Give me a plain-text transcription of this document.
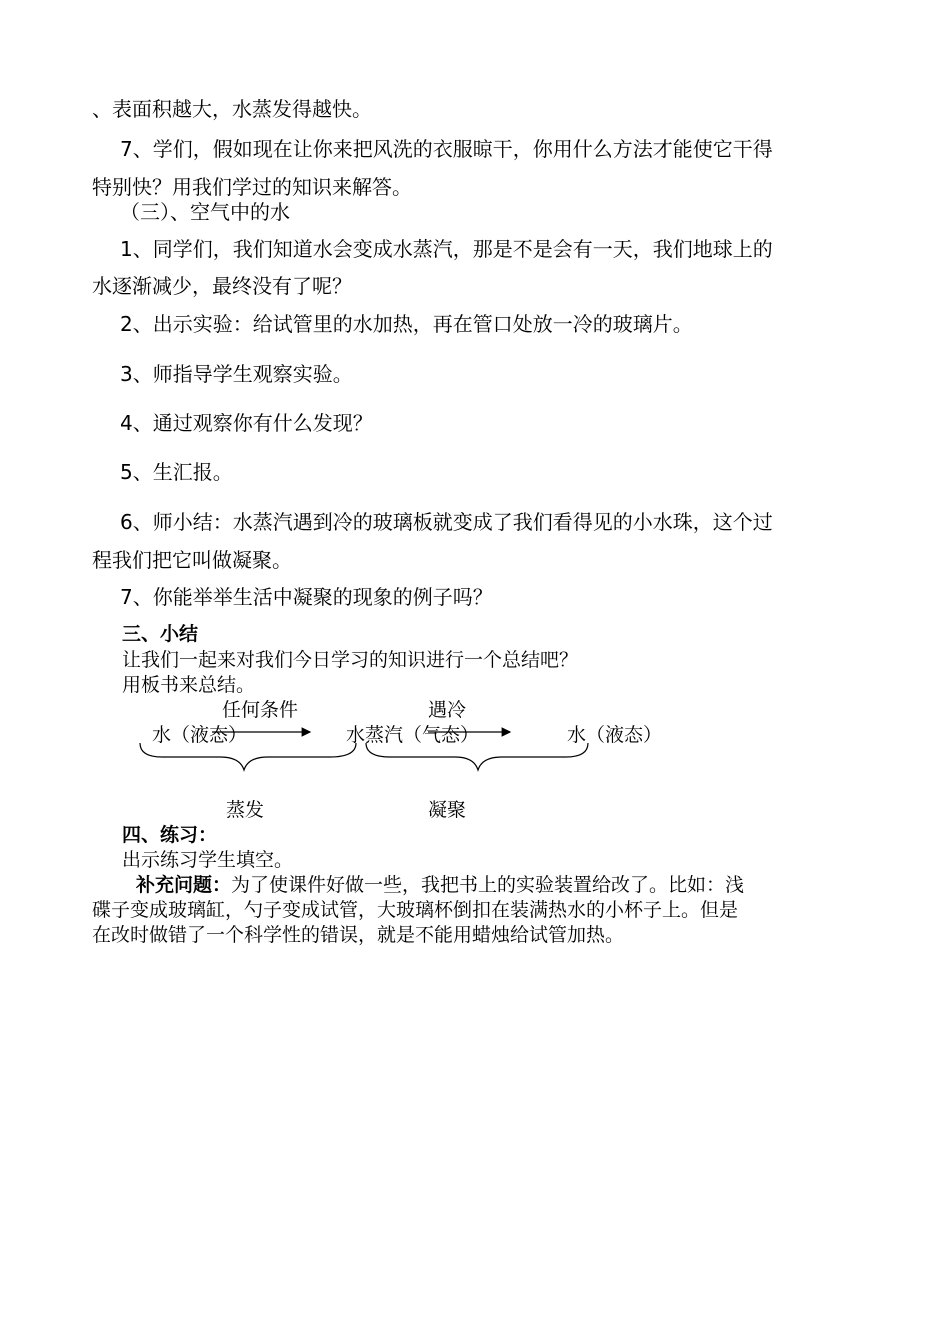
、表面积越大，水蒸发得越快。
7、学们，假如现在让你来把风洗的衣服晾干，你用什么方法才能使它干得
特别快？用我们学过的知识来解答。
（三）、空气中的水
1、同学们，我们知道水会变成水蒸汽，那是不是会有一天，我们地球上的
水逐渐减少，最终没有了呢？
2、出示实验：给试管里的水加热，再在管口处放一冷的玻璃片。
3、师指导学生观察实验。
4、通过观察你有什么发现？
5、生汇报。
6、师小结：水蒸汽遇到冷的玻璃板就变成了我们看得见的小水珠，这个过
程我们把它叫做凝聚。
7、你能举举生活中凝聚的现象的例子吗？
三、小结
让我们一起来对我们今日学习的知识进行一个总结吧？
用板书来总结。
任何条件	遇冷
水（液态）	水蒸汽（气态）	水（液态）
蒸发	凝聚
四、练习：
出示练习学生填空。
补充问题：为了使课件好做一些，我把书上的实验装置给改了。比如：浅
碟子变成玻璃缸，勺子变成试管，大玻璃杯倒扣在装满热水的小杯子上。但是
在改时做错了一个科学性的错误，就是不能用蜡烛给试管加热。
